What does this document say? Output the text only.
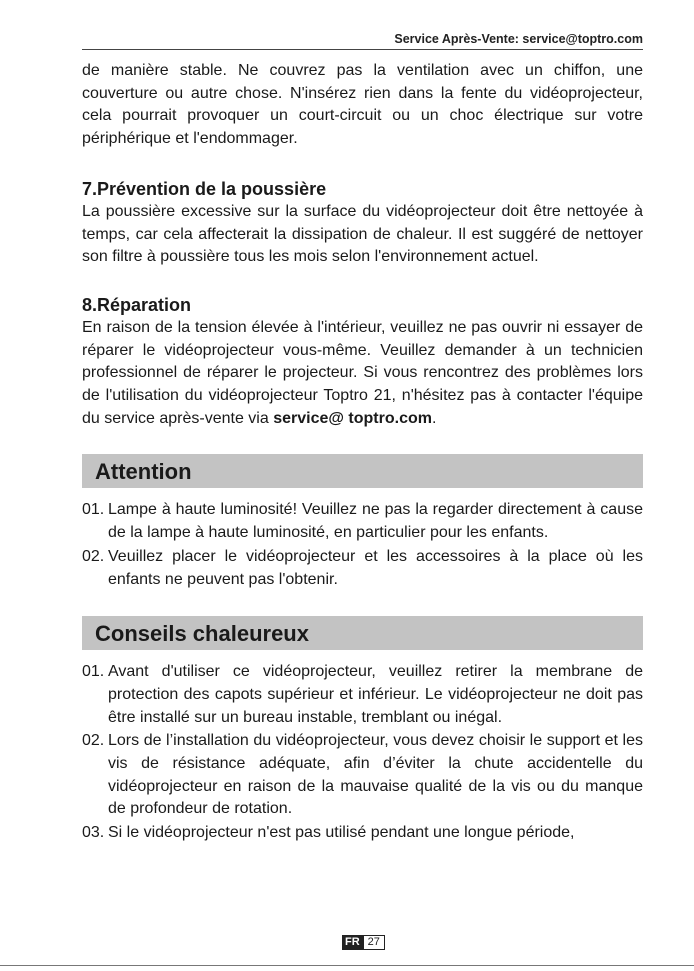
Service Après-Vente: service@toptro.com

de manière stable. Ne couvrez pas la ventilation avec un chiffon, une couverture ou autre chose. N'insérez rien dans la fente du vidéoprojecteur, cela pourrait provoquer un court-circuit ou un choc électrique sur votre périphérique et l'endommager.

7.Prévention de la poussière

La poussière excessive sur la surface du vidéoprojecteur doit être nettoyée à temps, car cela affecterait la dissipation de chaleur. Il est suggéré de nettoyer son filtre à poussière tous les mois selon l'environnement actuel.

8.Réparation

En raison de la tension élevée à l'intérieur, veuillez ne pas ouvrir ni essayer de réparer le vidéoprojecteur vous-même. Veuillez demander à un technicien professionnel de réparer le projecteur. Si vous rencontrez des problèmes lors de l'utilisation du vidéoprojecteur Toptro 21, n'hésitez pas à contacter l'équipe du service après-vente via service@ toptro.com.

Attention

01. Lampe à haute luminosité! Veuillez ne pas la regarder directement à cause de la lampe à haute luminosité, en particulier pour les enfants.

02. Veuillez placer le vidéoprojecteur et les accessoires à la place où les enfants ne peuvent pas l'obtenir.

Conseils chaleureux

01. Avant d'utiliser ce vidéoprojecteur, veuillez retirer la membrane de protection des capots supérieur et inférieur. Le vidéoprojecteur ne doit pas être installé sur un bureau instable, tremblant ou inégal.

02. Lors de l’installation du vidéoprojecteur, vous devez choisir le support et les vis de résistance adéquate, afin d’éviter la chute accidentelle du vidéoprojecteur en raison de la mauvaise qualité de la vis ou du manque de profondeur de rotation.

03. Si le vidéoprojecteur n'est pas utilisé pendant une longue période,

FR 27
